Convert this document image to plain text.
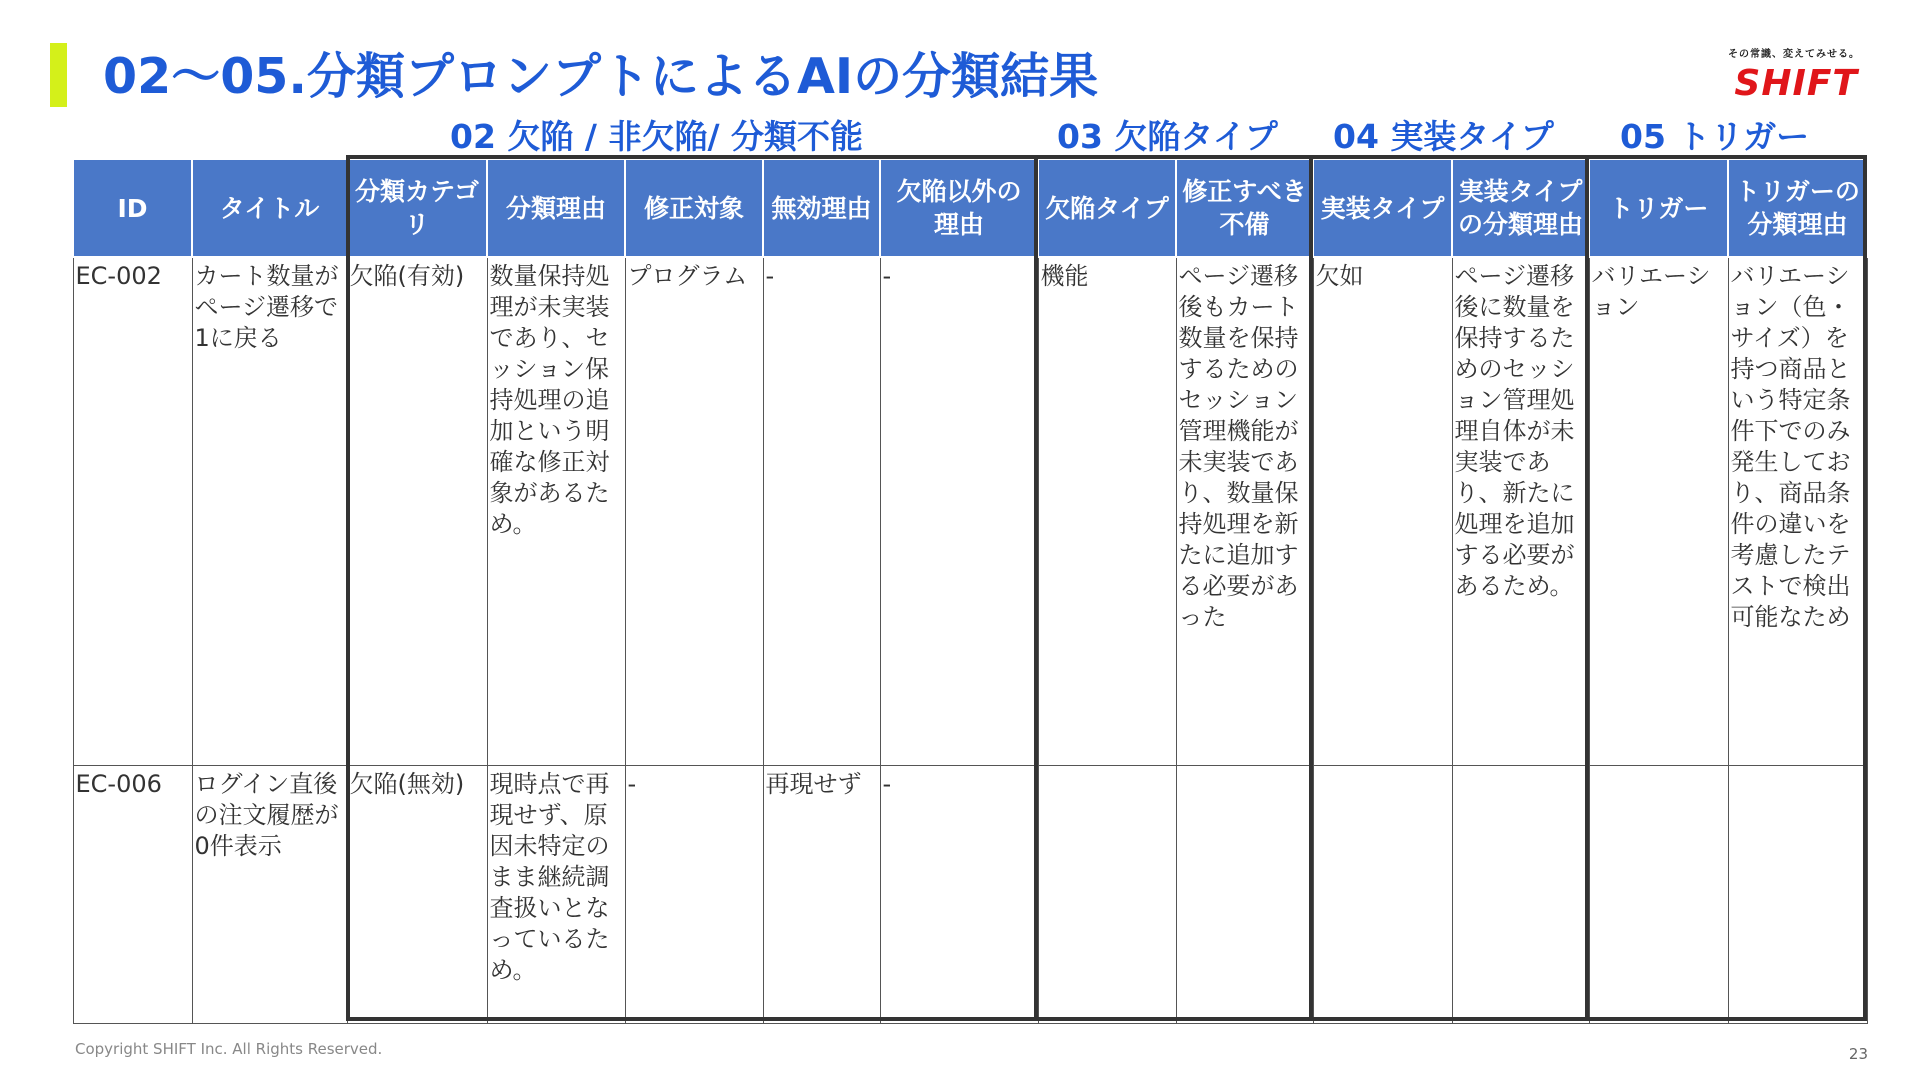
02〜05.分類プロンプトによるAIの分類結果	その常識、変えてみせる。
SHIFT
02 欠陥 / 非欠陥/ 分類不能	03 欠陥タイプ 04 実装タイプ 05 トリガー
ID	タイトル	分類カテゴリ	分類理由	修正対象	無効理由	欠陥以外の理由	欠陥タイプ	修正すべき不備	実装タイプ	実装タイプの分類理由	トリガー	トリガーの分類理由
EC-002	カート数量がページ遷移で1に戻る	欠陥(有効)	数量保持処理が未実装であり、セッション保持処理の追加という明確な修正対象があるため。	プログラム	-	-	機能	ページ遷移後もカート数量を保持するためのセッション管理機能が未実装であり、数量保持処理を新たに追加する必要があった	欠如	ページ遷移後に数量を保持するためのセッション管理処理自体が未実装であり、新たに処理を追加する必要があるため。	バリエーション	バリエーション（色・サイズ）を持つ商品という特定条件下でのみ発生しており、商品条件の違いを考慮したテストで検出可能なため
EC-006	ログイン直後の注文履歴が0件表示	欠陥(無効)	現時点で再現せず、原因未特定のまま継続調査扱いとなっているため。	-	再現せず	-						
Copyright SHIFT Inc. All Rights Reserved.	23
